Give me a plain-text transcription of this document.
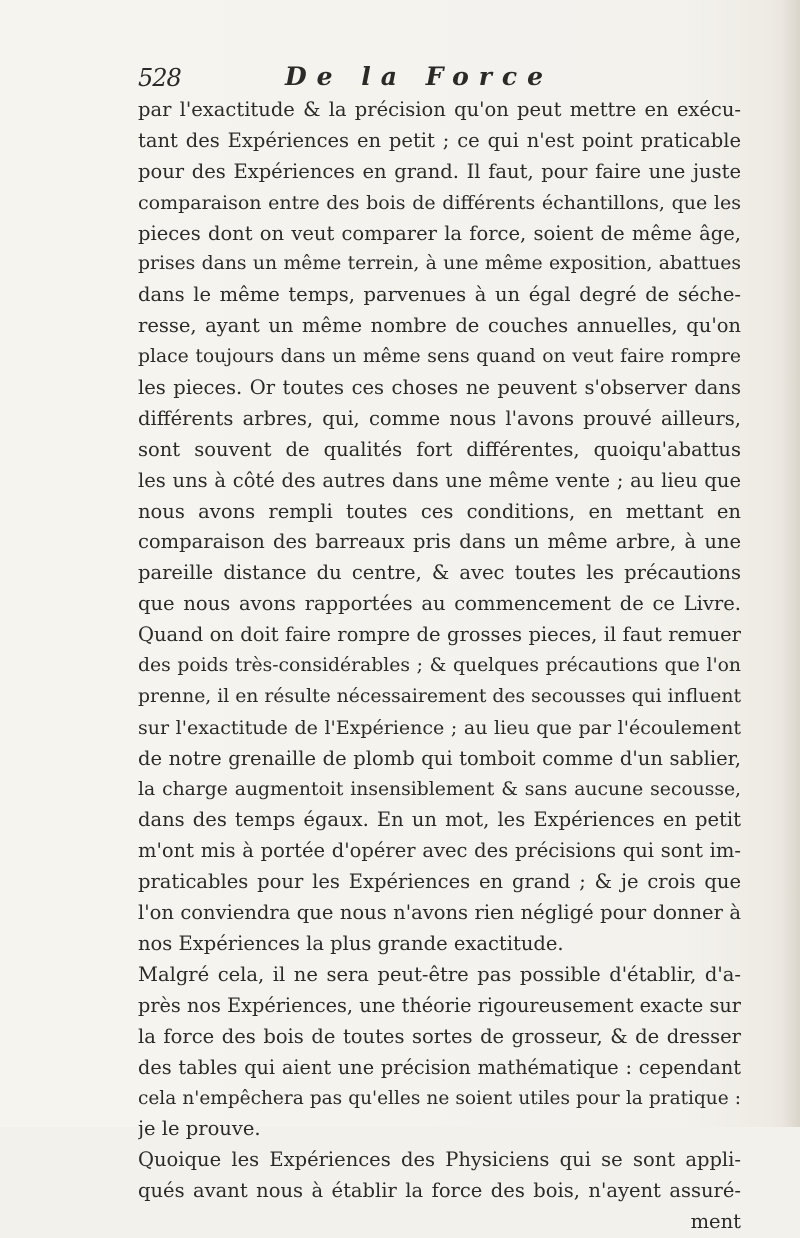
528	De la Force
par l'exactitude & la précision qu'on peut mettre en exécu-
tant des Expériences en petit ; ce qui n'est point praticable
pour des Expériences en grand. Il faut, pour faire une juste
comparaison entre des bois de différents échantillons, que les
pieces dont on veut comparer la force, soient de même âge,
prises dans un même terrein, à une même exposition, abattues
dans le même temps, parvenues à un égal degré de séche-
resse, ayant un même nombre de couches annuelles, qu'on
place toujours dans un même sens quand on veut faire rompre
les pieces. Or toutes ces choses ne peuvent s'observer dans
différents arbres, qui, comme nous l'avons prouvé ailleurs,
sont souvent de qualités fort différentes, quoiqu'abattus
les uns à côté des autres dans une même vente ; au lieu que
nous avons rempli toutes ces conditions, en mettant en
comparaison des barreaux pris dans un même arbre, à une
pareille distance du centre, & avec toutes les précautions
que nous avons rapportées au commencement de ce Livre.
Quand on doit faire rompre de grosses pieces, il faut remuer
des poids très-considérables ; & quelques précautions que l'on
prenne, il en résulte nécessairement des secousses qui influent
sur l'exactitude de l'Expérience ; au lieu que par l'écoulement
de notre grenaille de plomb qui tomboit comme d'un sablier,
la charge augmentoit insensiblement & sans aucune secousse,
dans des temps égaux. En un mot, les Expériences en petit
m'ont mis à portée d'opérer avec des précisions qui sont im-
praticables pour les Expériences en grand ; & je crois que
l'on conviendra que nous n'avons rien négligé pour donner à
nos Expériences la plus grande exactitude.
Malgré cela, il ne sera peut-être pas possible d'établir, d'a-
près nos Expériences, une théorie rigoureusement exacte sur
la force des bois de toutes sortes de grosseur, & de dresser
des tables qui aient une précision mathématique : cependant
cela n'empêchera pas qu'elles ne soient utiles pour la pratique :
je le prouve.
Quoique les Expériences des Physiciens qui se sont appli-
qués avant nous à établir la force des bois, n'ayent assuré-
ment
